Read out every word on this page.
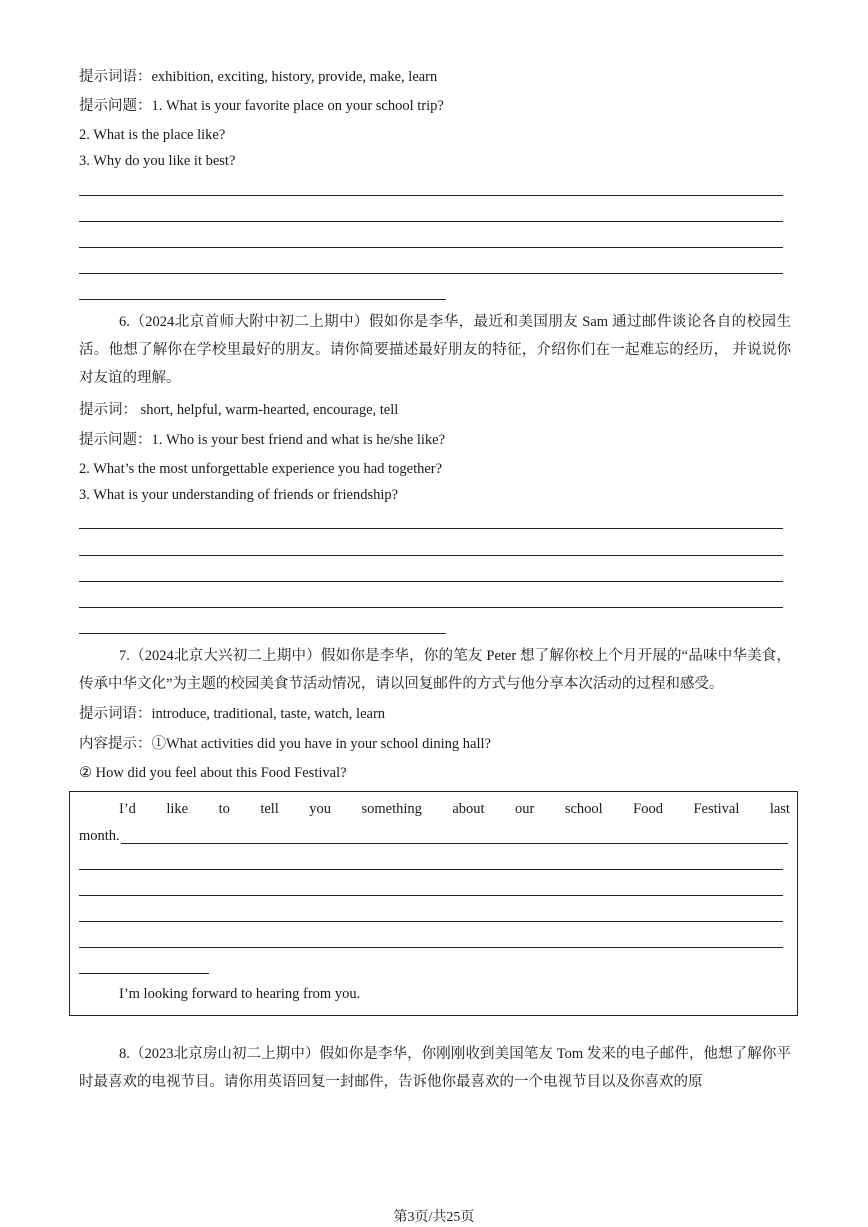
提示词语：exhibition, exciting, history, provide, make, learn
提示问题：1. What is your favorite place on your school trip?
2. What is the place like?
3. Why do you like it best?
6.（2024北京首师大附中初二上期中）假如你是李华，最近和美国朋友 Sam 通过邮件谈论各自的校园生活。他想了解你在学校里最好的朋友。请你简要描述最好朋友的特征，介绍你们在一起难忘的经历， 并说说你对友谊的理解。
提示词： short, helpful, warm-hearted, encourage, tell
提示问题：1. Who is your best friend and what is he/she like?
2. What’s the most unforgettable experience you had together?
3. What is your understanding of friends or friendship?
7.（2024北京大兴初二上期中）假如你是李华，你的笔友 Peter 想了解你校上个月开展的“品味中华美食，传承中华文化”为主题的校园美食节活动情况，请以回复邮件的方式与他分享本次活动的过程和感受。
提示词语：introduce, traditional, taste, watch, learn
内容提示：①What activities did you have in your school dining hall?
② How did you feel about this Food Festival?
I’d like to tell you something about our school Food Festival last
month.
I’m looking forward to hearing from you.
8.（2023北京房山初二上期中）假如你是李华，你刚刚收到美国笔友 Tom 发来的电子邮件，他想了解你平时最喜欢的电视节目。请你用英语回复一封邮件，告诉他你最喜欢的一个电视节目以及你喜欢的原
第3页/共25页
